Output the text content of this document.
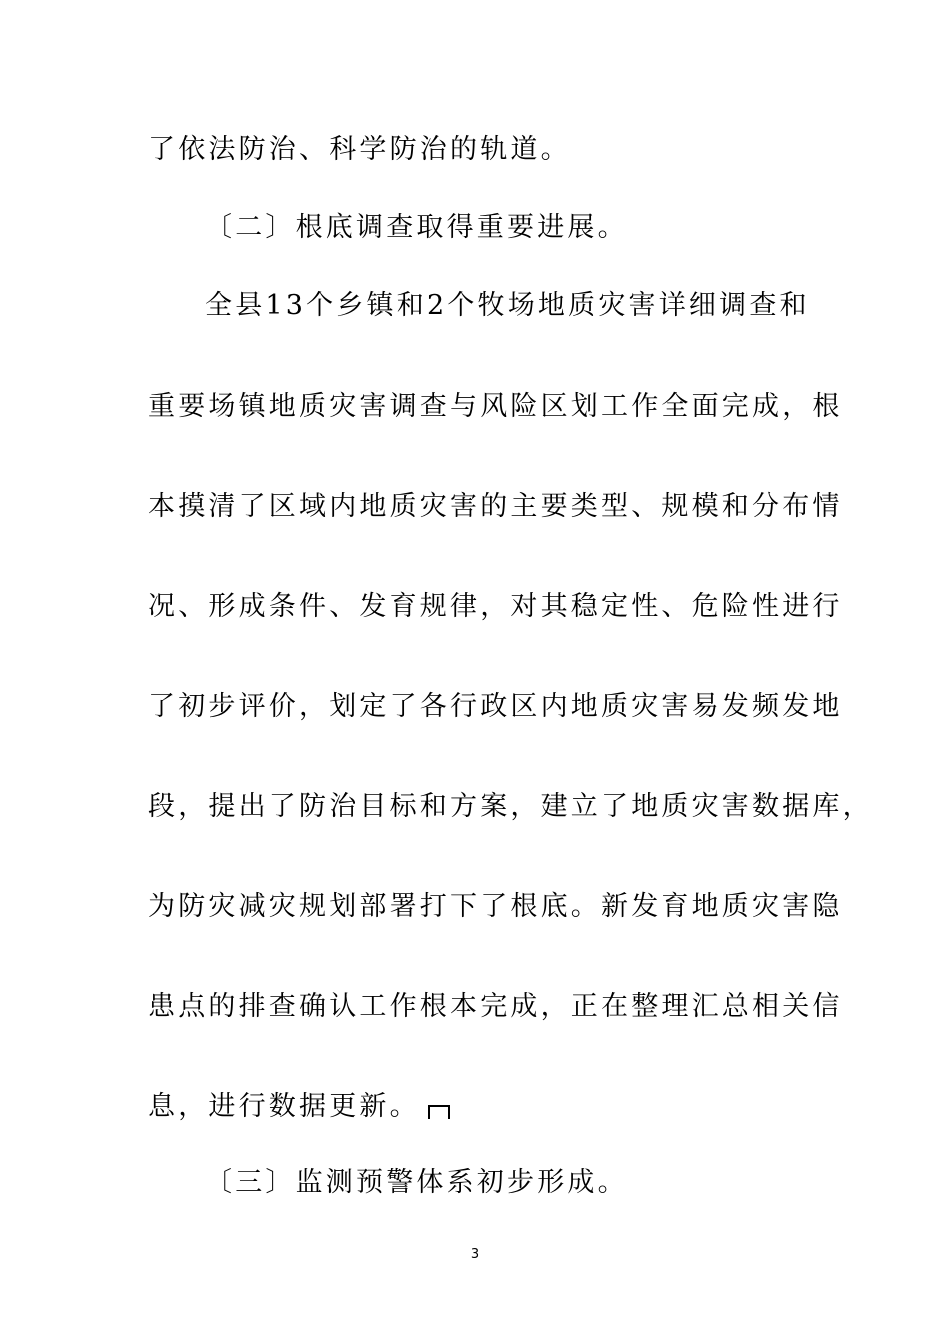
了依法防治、科学防治的轨道。
〔二〕根底调查取得重要进展。
全县13个乡镇和2个牧场地质灾害详细调查和
重要场镇地质灾害调查与风险区划工作全面完成，根
本摸清了区域内地质灾害的主要类型、规模和分布情
况、形成条件、发育规律，对其稳定性、危险性进行
了初步评价，划定了各行政区内地质灾害易发频发地
段，提出了防治目标和方案，建立了地质灾害数据库，
为防灾减灾规划部署打下了根底。新发育地质灾害隐
患点的排查确认工作根本完成，正在整理汇总相关信
息，进行数据更新。
〔三〕监测预警体系初步形成。
3
